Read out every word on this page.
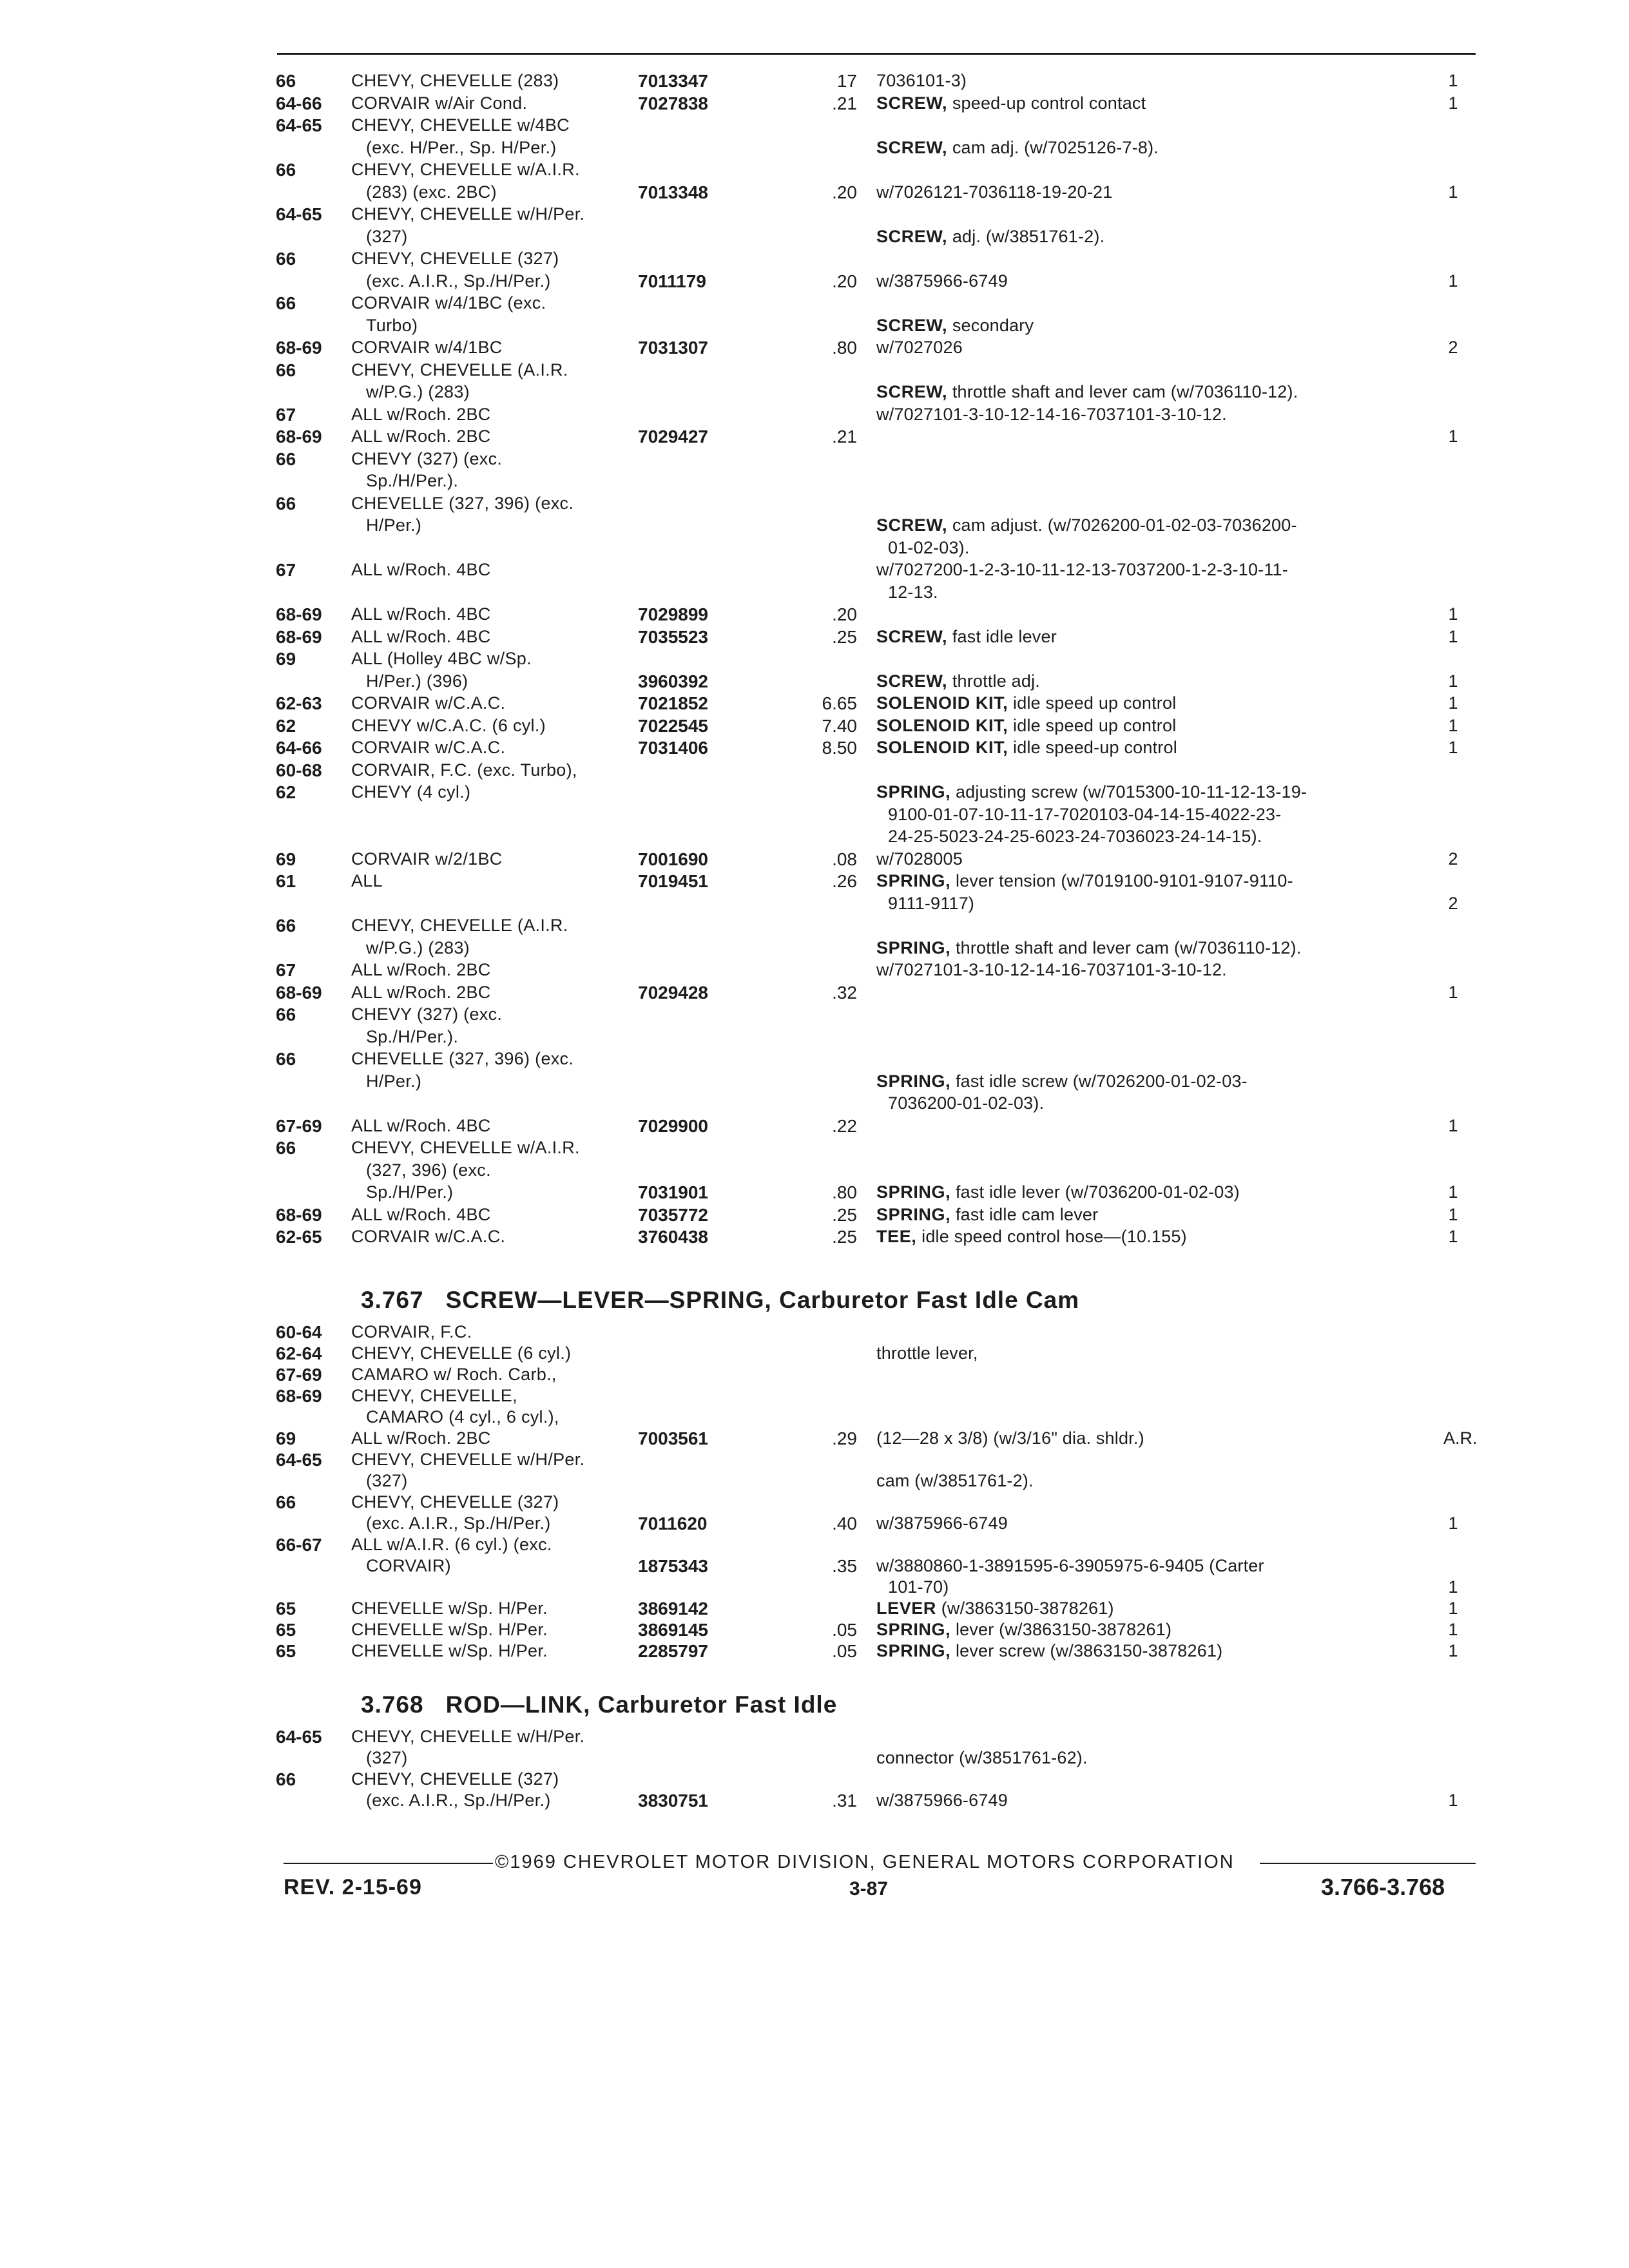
66	CHEVY, CHEVELLE (283)	7013347	17 7036101-3)	1
64-66 CORVAIR w/Air Cond.	7027838	.21 SCREW, speed-up control contact	1
64-65 CHEVY, CHEVELLE w/4BC
(exc. H/Per., Sp. H/Per.)	SCREW, cam adj. (w/7025126-7-8).
66	CHEVY, CHEVELLE w/A.I.R.
(283) (exc. 2BC)	7013348	.20 w/7026121-7036118-19-20-21	1
64-65 CHEVY, CHEVELLE w/H/Per.
(327)	SCREW, adj. (w/3851761-2).
66	CHEVY, CHEVELLE (327)
(exc. A.I.R., Sp./H/Per.)	7011179	.20 w/3875966-6749	1
66	CORVAIR w/4/1BC (exc.
Turbo)	SCREW, secondary
68-69 CORVAIR w/4/1BC	7031307	.80 w/7027026	2
66	CHEVY, CHEVELLE (A.I.R.
w/P.G.) (283)	SCREW, throttle shaft and lever cam (w/7036110-12).
67	ALL w/Roch. 2BC	w/7027101-3-10-12-14-16-7037101-3-10-12.
68-69 ALL w/Roch. 2BC	7029427	.21	1
66	CHEVY (327) (exc.
Sp./H/Per.).
66	CHEVELLE (327, 396) (exc.
H/Per.)	SCREW, cam adjust. (w/7026200-01-02-03-7036200-
01-02-03).
67	ALL w/Roch. 4BC	w/7027200-1-2-3-10-11-12-13-7037200-1-2-3-10-11-
12-13.
68-69 ALL w/Roch. 4BC	7029899	.20	1
68-69 ALL w/Roch. 4BC	7035523	.25 SCREW, fast idle lever	1
69	ALL (Holley 4BC w/Sp.
H/Per.) (396)	3960392	SCREW, throttle adj.	1
62-63 CORVAIR w/C.A.C.	7021852	6.65 SOLENOID KIT, idle speed up control	1
62	CHEVY w/C.A.C. (6 cyl.)	7022545	7.40 SOLENOID KIT, idle speed up control	1
64-66 CORVAIR w/C.A.C.	7031406	8.50 SOLENOID KIT, idle speed-up control	1
60-68 CORVAIR, F.C. (exc. Turbo),
62	CHEVY (4 cyl.)	SPRING, adjusting screw (w/7015300-10-11-12-13-19-
9100-01-07-10-11-17-7020103-04-14-15-4022-23-
24-25-5023-24-25-6023-24-7036023-24-14-15).
69	CORVAIR w/2/1BC	7001690	.08 w/7028005	2
61	ALL	7019451	.26 SPRING, lever tension (w/7019100-9101-9107-9110-
9111-9117)	2
66	CHEVY, CHEVELLE (A.I.R.
w/P.G.) (283)	SPRING, throttle shaft and lever cam (w/7036110-12).
67	ALL w/Roch. 2BC	w/7027101-3-10-12-14-16-7037101-3-10-12.
68-69 ALL w/Roch. 2BC	7029428	.32	1
66	CHEVY (327) (exc.
Sp./H/Per.).
66	CHEVELLE (327, 396) (exc.
H/Per.)	SPRING, fast idle screw (w/7026200-01-02-03-
7036200-01-02-03).
67-69 ALL w/Roch. 4BC	7029900	.22	1
66	CHEVY, CHEVELLE w/A.I.R.
(327, 396) (exc.
Sp./H/Per.)	7031901	.80 SPRING, fast idle lever (w/7036200-01-02-03)	1
68-69 ALL w/Roch. 4BC	7035772	.25 SPRING, fast idle cam lever	1
62-65 CORVAIR w/C.A.C.	3760438	.25 TEE, idle speed control hose—(10.155)	1
3.767 SCREW—LEVER—SPRING, Carburetor Fast Idle Cam
60-64 CORVAIR, F.C.
62-64 CHEVY, CHEVELLE (6 cyl.)	throttle lever,
67-69 CAMARO w/ Roch. Carb.,
68-69 CHEVY, CHEVELLE,
CAMARO (4 cyl., 6 cyl.),
69	ALL w/Roch. 2BC	7003561	.29 (12—28 x 3/8) (w/3/16" dia. shldr.)	A.R.
64-65 CHEVY, CHEVELLE w/H/Per.
(327)	cam (w/3851761-2).
66	CHEVY, CHEVELLE (327)
(exc. A.I.R., Sp./H/Per.)	7011620	.40 w/3875966-6749	1
66-67 ALL w/A.I.R. (6 cyl.) (exc.
CORVAIR)	1875343	.35 w/3880860-1-3891595-6-3905975-6-9405 (Carter
101-70)	1
65	CHEVELLE w/Sp. H/Per.	3869142	LEVER (w/3863150-3878261)	1
65	CHEVELLE w/Sp. H/Per.	3869145	.05 SPRING, lever (w/3863150-3878261)	1
65	CHEVELLE w/Sp. H/Per.	2285797	.05 SPRING, lever screw (w/3863150-3878261)	1
3.768 ROD—LINK, Carburetor Fast Idle
64-65 CHEVY, CHEVELLE w/H/Per.
(327)	connector (w/3851761-62).
66	CHEVY, CHEVELLE (327)
(exc. A.I.R., Sp./H/Per.)	3830751	.31 w/3875966-6749	1
©1969 CHEVROLET MOTOR DIVISION, GENERAL MOTORS CORPORATION
REV. 2-15-69	3-87	3.766-3.768
